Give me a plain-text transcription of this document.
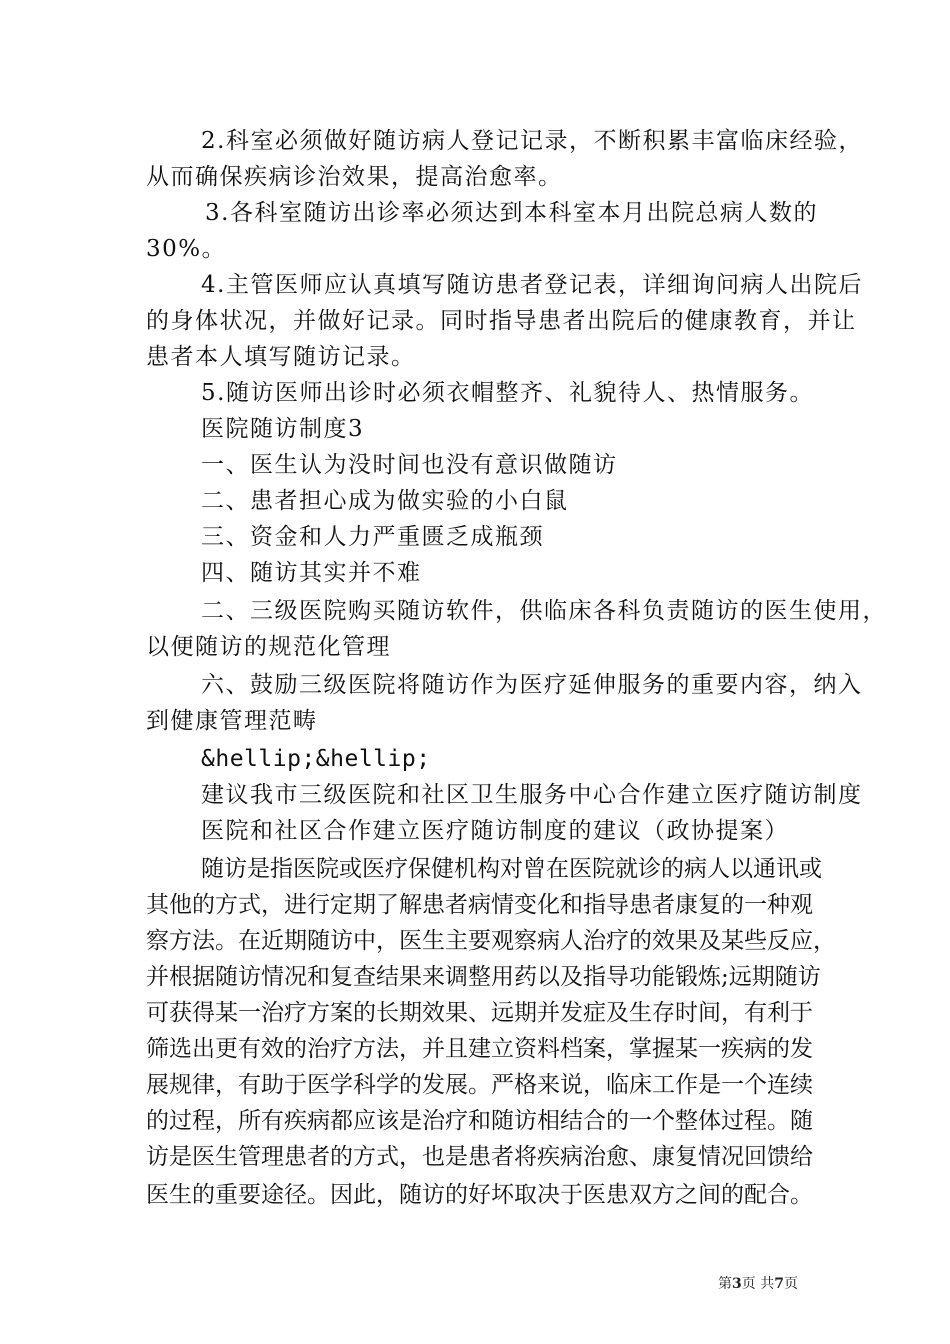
2.科室必须做好随访病人登记记录，不断积累丰富临床经验，
从而确保疾病诊治效果，提高治愈率。
3.各科室随访出诊率必须达到本科室本月出院总病人数的
30%。
4.主管医师应认真填写随访患者登记表，详细询问病人出院后
的身体状况，并做好记录。同时指导患者出院后的健康教育，并让
患者本人填写随访记录。
5.随访医师出诊时必须衣帽整齐、礼貌待人、热情服务。
医院随访制度3
一、医生认为没时间也没有意识做随访
二、患者担心成为做实验的小白鼠
三、资金和人力严重匮乏成瓶颈
四、随访其实并不难
二、三级医院购买随访软件，供临床各科负责随访的医生使用，
以便随访的规范化管理
六、鼓励三级医院将随访作为医疗延伸服务的重要内容，纳入
到健康管理范畴
&hellip;&hellip;
建议我市三级医院和社区卫生服务中心合作建立医疗随访制度
医院和社区合作建立医疗随访制度的建议（政协提案）
随访是指医院或医疗保健机构对曾在医院就诊的病人以通讯或
其他的方式，进行定期了解患者病情变化和指导患者康复的一种观
察方法。在近期随访中，医生主要观察病人治疗的效果及某些反应，
并根据随访情况和复查结果来调整用药以及指导功能锻炼;远期随访
可获得某一治疗方案的长期效果、远期并发症及生存时间，有利于
筛选出更有效的治疗方法，并且建立资料档案，掌握某一疾病的发
展规律，有助于医学科学的发展。严格来说，临床工作是一个连续
的过程，所有疾病都应该是治疗和随访相结合的一个整体过程。随
访是医生管理患者的方式，也是患者将疾病治愈、康复情况回馈给
医生的重要途径。因此，随访的好坏取决于医患双方之间的配合。
第3页 共7页
